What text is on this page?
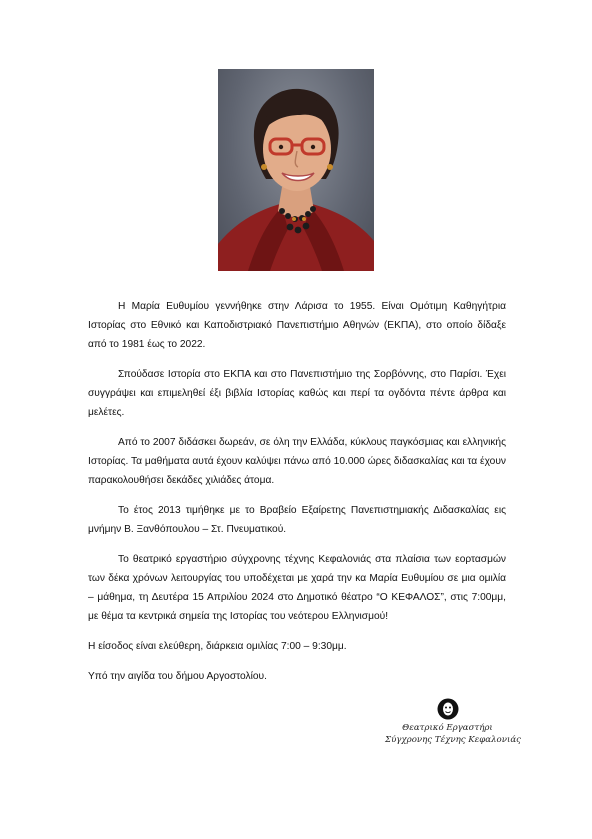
Η Μαρία Ευθυμίου γεννήθηκε στην Λάρισα το 1955. Είναι Ομότιμη Καθηγήτρια Ιστορίας στο Εθνικό και Καποδιστριακό Πανεπιστήμιο Αθηνών (ΕΚΠΑ), στο οποίο δίδαξε από το 1981 έως το 2022.

Σπούδασε Ιστορία στο ΕΚΠΑ και στο Πανεπιστήμιο της Σορβόννης, στο Παρίσι. Έχει συγγράψει και επιμεληθεί έξι βιβλία Ιστορίας καθώς και περί τα ογδόντα πέντε άρθρα και μελέτες.

Από το 2007 διδάσκει δωρεάν, σε όλη την Ελλάδα, κύκλους παγκόσμιας και ελληνικής Ιστορίας. Τα μαθήματα αυτά έχουν καλύψει πάνω από 10.000 ώρες διδασκαλίας και τα έχουν παρακολουθήσει δεκάδες χιλιάδες άτομα.

Το έτος 2013 τιμήθηκε με το Βραβείο Εξαίρετης Πανεπιστημιακής Διδασκαλίας εις μνήμην Β. Ξανθόπουλου – Στ. Πνευματικού.

Το θεατρικό εργαστήριο σύγχρονης τέχνης Κεφαλονιάς στα πλαίσια των εορτασμών των δέκα χρόνων λειτουργίας του υποδέχεται με χαρά την κα Μαρία Ευθυμίου σε μια ομιλία – μάθημα, τη Δευτέρα 15 Απριλίου 2024 στο Δημοτικό θέατρο “Ο ΚΕΦΑΛΟΣ”, στις 7:00μμ, με θέμα τα κεντρικά σημεία της Ιστορίας του νεότερου Ελληνισμού!

Η είσοδος είναι ελεύθερη, διάρκεια ομιλίας 7:00 – 9:30μμ.

Υπό την αιγίδα του δήμου Αργοστολίου.

Θεατρικό Εργαστήρι
Σύγχρονης Τέχνης Κεφαλονιάς
